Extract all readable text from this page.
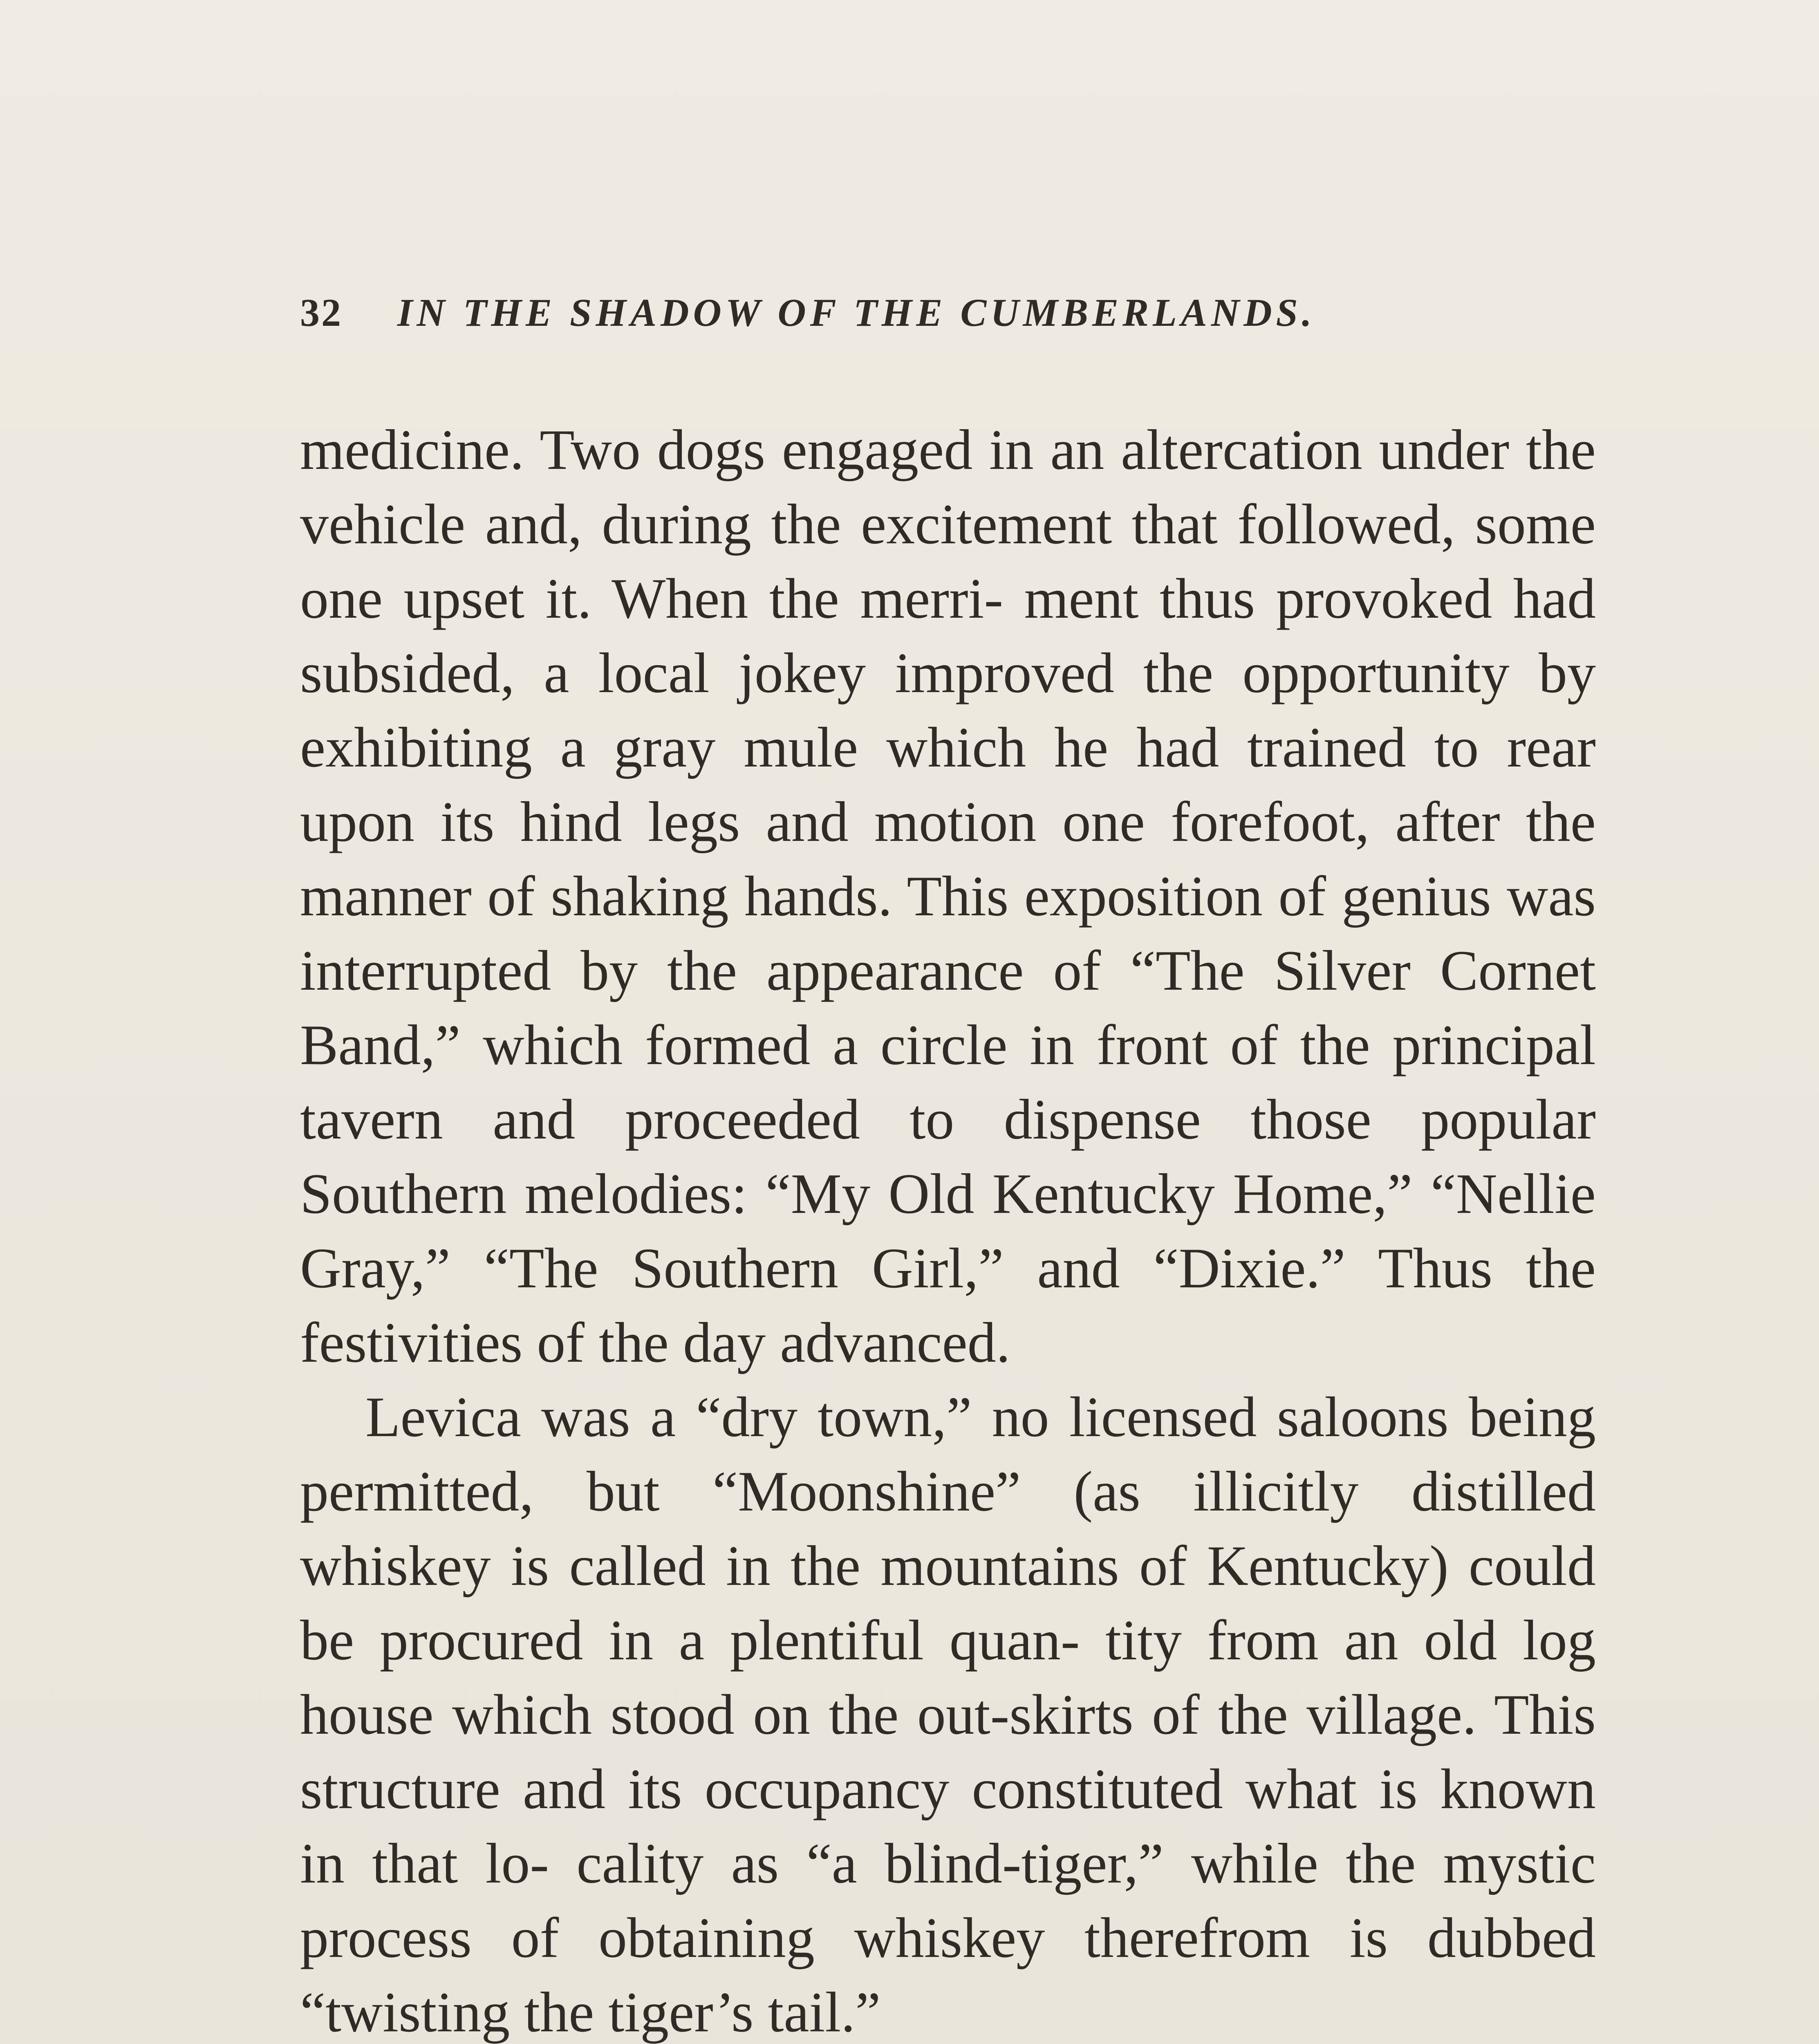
32 IN THE SHADOW OF THE CUMBERLANDS.

medicine. Two dogs engaged in an altercation under the vehicle and, during the excitement that followed, some one upset it. When the merri- ment thus provoked had subsided, a local jokey improved the opportunity by exhibiting a gray mule which he had trained to rear upon its hind legs and motion one forefoot, after the manner of shaking hands. This exposition of genius was interrupted by the appearance of “The Silver Cornet Band,” which formed a circle in front of the principal tavern and proceeded to dispense those popular Southern melodies: “My Old Kentucky Home,” “Nellie Gray,” “The Southern Girl,” and “Dixie.” Thus the festivities of the day advanced.

Levica was a “dry town,” no licensed saloons being permitted, but “Moonshine” (as illicitly distilled whiskey is called in the mountains of Kentucky) could be procured in a plentiful quan- tity from an old log house which stood on the out-skirts of the village. This structure and its occupancy constituted what is known in that lo- cality as “a blind-tiger,” while the mystic process of obtaining whiskey therefrom is dubbed “twisting the tiger’s tail.”
